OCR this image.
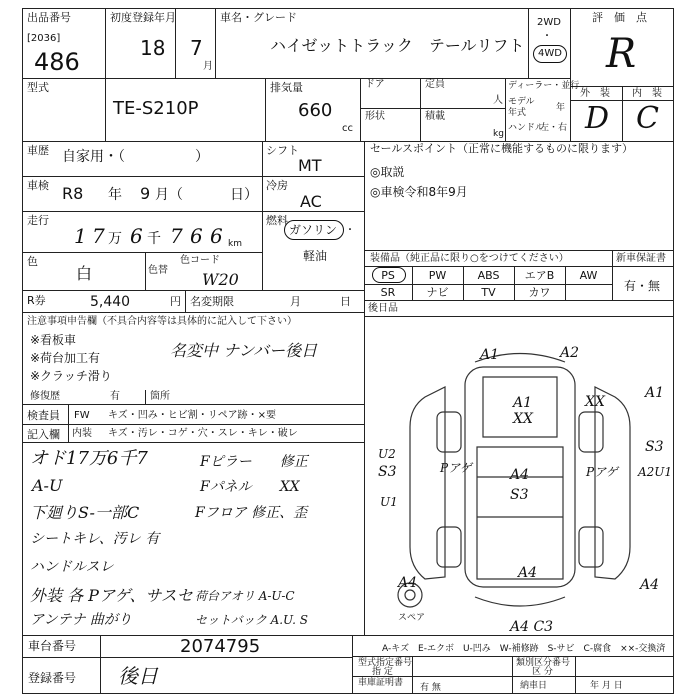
出品番号
[2036]
486
初度登録年月
18 7
月
車名・グレード
ハイゼットトラック　テールリフト
2WD
・
4WD
評　価　点
R
外　装 内　装
D C
型式
TE-S210P
排気量
660
cc
ドア
形状
定員
人
積載
kg
ディーラー・並行
モデル
年式	年
ハンドル
左・右
車歴 自家用・（　　　　　）
車検 R8 年 9 月（	日）
走行
1 7 万 6 千 7 6 6 km
色
白	色替
色コード
W20
R券	5,440	円 名変期限	月	日
シフト
MT
冷房
AC
燃料
ガソリン ・
軽油
セールスポイント（正常に機能するものに限ります）
◎取説
◎車検令和8年9月
装備品（純正品に限り○をつけてください）	新車保証書
有・無
PS	PW	ABS	エアB	AW
SR	ナビ	TV	カワ
後日品
注意事項申告欄（不具合内容等は具体的に記入して下さい）
※看板車
※荷台加工有
※クラッチ滑り
名変中 ナンバー後日
修復歴	有	箇所
検査員
記入欄
FW キズ・凹み・ヒビ割・リペア跡・×要
内装 キズ・汚レ・コゲ・穴・スレ・キレ・破レ
オド17万6千7
A-U
下廻りS-一部C
シートキレ、汚レ 有
ハンドルスレ
外装 各 Pアゲ、サスセ
アンテナ 曲がり
Fピラー　　修正
Fパネル　　XX
Fフロア 修正、歪
荷台アオリ A-U-C
セットバック A.U. S
A1	A2
A1
XX
A1
XX
S3
A2U1
U2
S3	Pアゲ	A4
S3
Pアゲ
U1
A4
A4	A4
A4 C3
スペア
A-キズ　E-エクボ　U-凹み　W-補修跡　S-サビ　C-腐食　××-交換済
車台番号	2074795
登録番号 後日
型式指定番号
指 定
類別区分番号
区 分
車庫証明書 有 無	納車日	年 月 日
